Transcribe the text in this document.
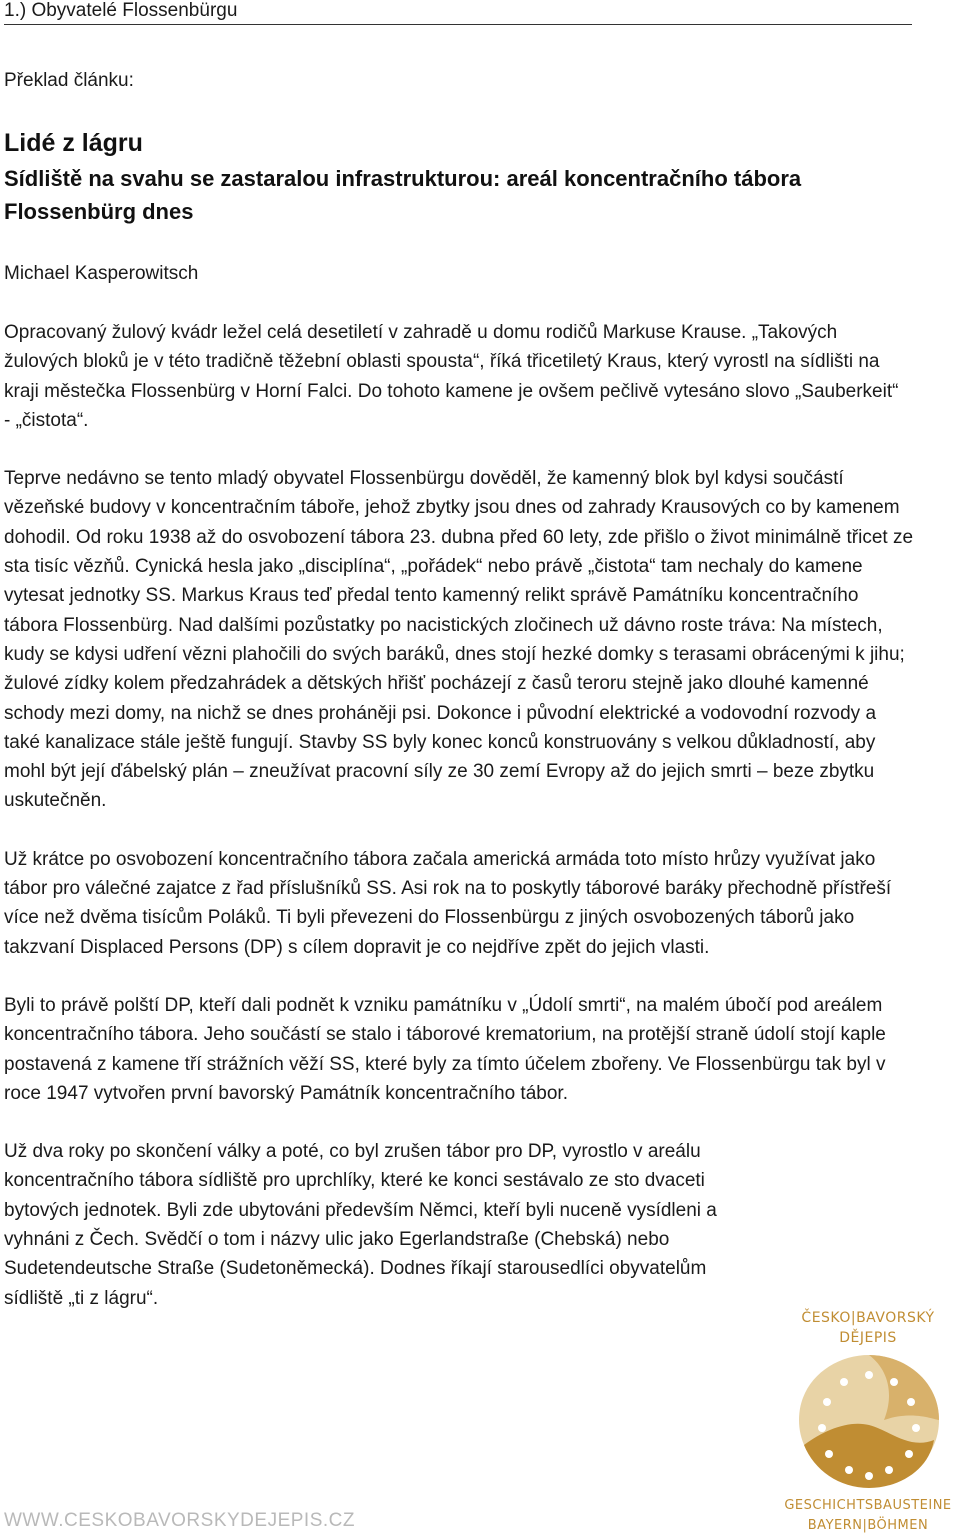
1.) Obyvatelé Flossenbürgu
Překlad článku:
Lidé z lágru
Sídliště na svahu se zastaralou infrastrukturou: areál koncentračního tábora Flossenbürg dnes
Michael Kasperowitsch

Opracovaný žulový kvádr ležel celá desetiletí v zahradě u domu rodičů Markuse Krause. „Takových žulových bloků je v této tradičně těžební oblasti spousta“, říká třicetiletý Kraus, který vyrostl na sídlišti na kraji městečka Flossenbürg v Horní Falci. Do tohoto kamene je ovšem pečlivě vytesáno slovo „Sauberkeit“ - „čistota“.

Teprve nedávno se tento mladý obyvatel Flossenbürgu dověděl, že kamenný blok byl kdysi součástí vězeňské budovy v koncentračním táboře, jehož zbytky jsou dnes od zahrady Krausových co by kamenem dohodil. Od roku 1938 až do osvobození tábora 23. dubna před 60 lety, zde přišlo o život minimálně třicet ze sta tisíc vězňů. Cynická hesla jako „disciplína“, „pořádek“ nebo právě „čistota“ tam nechaly do kamene vytesat jednotky SS. Markus Kraus teď předal tento kamenný relikt správě Památníku koncentračního tábora Flossenbürg. Nad dalšími pozůstatky po nacistických zločinech už dávno roste tráva: Na místech, kudy se kdysi udření vězni plahočili do svých baráků, dnes stojí hezké domky s terasami obrácenými k jihu; žulové zídky kolem předzahrádek a dětských hřišť pocházejí z časů teroru stejně jako dlouhé kamenné schody mezi domy, na nichž se dnes proháněji psi. Dokonce i původní elektrické a vodovodní rozvody a také kanalizace stále ještě fungují. Stavby SS byly konec konců konstruovány s velkou důkladností, aby mohl být její ďábelský plán – zneužívat pracovní síly ze 30 zemí Evropy až do jejich smrti – beze zbytku uskutečněn.

Už krátce po osvobození koncentračního tábora začala americká armáda toto místo hrůzy využívat jako tábor pro válečné zajatce z řad příslušníků SS. Asi rok na to poskytly táborové baráky přechodně přístřeší více než dvěma tisícům Poláků. Ti byli převezeni do Flossenbürgu z jiných osvobozených táborů jako takzvaní Displaced Persons (DP) s cílem dopravit je co nejdříve zpět do jejich vlasti.

Byli to právě polští DP, kteří dali podnět k vzniku památníku v „Údolí smrti“, na malém úbočí pod areálem koncentračního tábora. Jeho součástí se stalo i táborové krematorium, na protější straně údolí stojí kaple postavená z kamene tří strážních věží SS, které byly za tímto účelem zbořeny. Ve Flossenbürgu tak byl v roce 1947 vytvořen první bavorský Památník koncentračního tábor.

Už dva roky po skončení války a poté, co byl zrušen tábor pro DP, vyrostlo v areálu koncentračního tábora sídliště pro uprchlíky, které ke konci sestávalo ze sto dvaceti bytových jednotek. Byli zde ubytováni především Němci, kteří byli nuceně vysídleni a vyhnáni z Čech. Svědčí o tom i názvy ulic jako Egerlandstraße (Chebská) nebo Sudetendeutsche Straße (Sudetoněmecká). Dodnes říkají starousedlíci obyvatelům sídliště „ti z lágru“.

WWW.CESKOBAVORSKYDEJEPIS.CZ
ČESKO|BAVORSKÝ
DĚJEPIS
GESCHICHTSBAUSTEINE
BAYERN|BÖHMEN
